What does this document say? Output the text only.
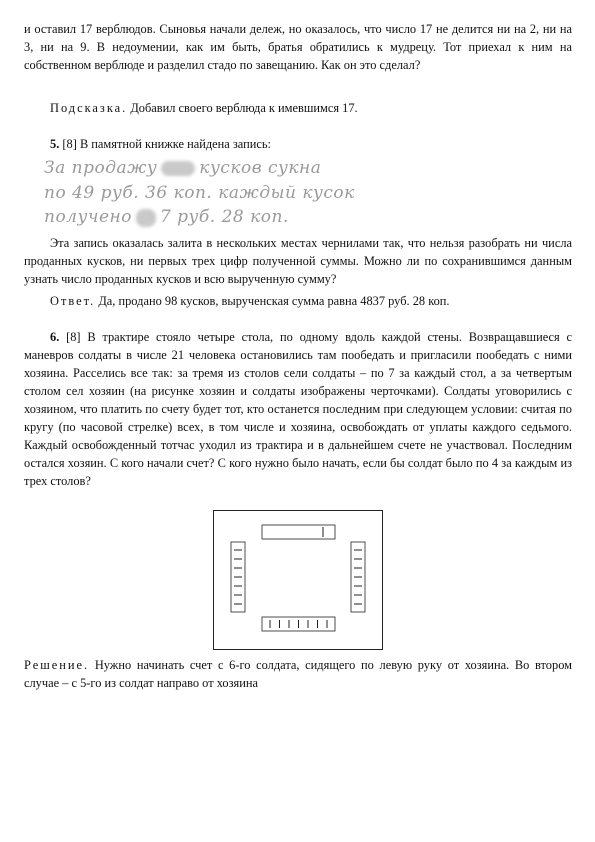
и оставил 17 верблюдов. Сыновья начали дележ, но оказалось, что число 17 не делится ни на 2, ни на 3, ни на 9. В недоумении, как им быть, братья обратились к мудрецу. Тот приехал к ним на собственном верблюде и разделил стадо по завещанию. Как он это сделал?

Подсказка. Добавил своего верблюда к имевшимся 17.

5. [8] В памятной книжке найдена запись:

За продажу кусков сукна
по 49 руб. 36 коп. каждый кусок
получено 7 руб. 28 коп.

Эта запись оказалась залита в нескольких местах чернилами так, что нельзя разобрать ни числа проданных кусков, ни первых трех цифр полученной суммы. Можно ли по сохранившимся данным узнать число проданных кусков и всю вырученную сумму?

Ответ. Да, продано 98 кусков, вырученская сумма равна 4837 руб. 28 коп.

6. [8] В трактире стояло четыре стола, по одному вдоль каждой стены. Возвращавшиеся с маневров солдаты в числе 21 человека остановились там пообедать и пригласили пообедать с ними хозяина. Расселись все так: за тремя из столов сели солдаты – по 7 за каждый стол, а за четвертым столом сел хозяин (на рисунке хозяин и солдаты изображены черточками). Солдаты уговорились с хозяином, что платить по счету будет тот, кто останется последним при следующем условии: считая по кругу (по часовой стрелке) всех, в том числе и хозяина, освобождать от уплаты каждого седьмого. Каждый освобожденный тотчас уходил из трактира и в дальнейшем счете не участвовал. Последним остался хозяин. С кого начали счет? С кого нужно было начать, если бы солдат было по 4 за каждым из трех столов?

Решение. Нужно начинать счет с 6-го солдата, сидящего по левую руку от хозяина. Во втором случае – с 5-го из солдат направо от хозяина
